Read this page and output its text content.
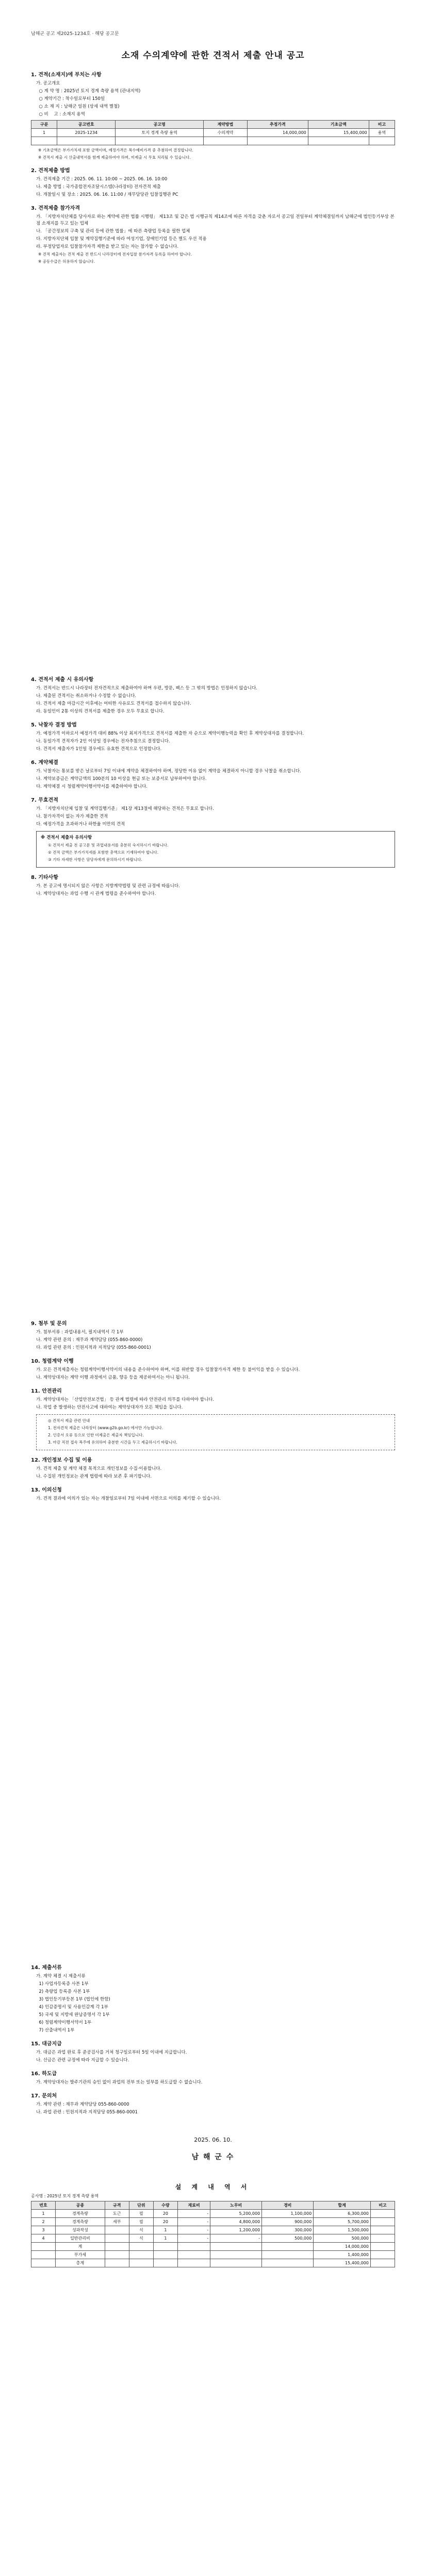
남해군 공고 제2025-1234호 · 해당 공고문
소재 수의계약에 관한 견적서 제출 안내 공고
1. 견적(소재지)에 부치는 사항
가. 공고개요
○ 계 약 명 : 2025년 토지 경계 측량 용역 (관내지역)
○ 계약기간 : 착수일로부터 150일
○ 소 재 지 : 남해군 일원 (상세 내역 별첨)
○ 비    고 : 소재지 용역
구분	공고번호	공고명	계약방법	추정가격	기초금액	비고
1	2025-1234	토지 경계 측량 용역	수의계약	14,000,000	15,400,000	용역

※ 기초금액은 부가가치세 포함 금액이며, 예정가격은 복수예비가격 중 추첨하여 결정합니다.
※ 견적서 제출 시 산출내역서를 함께 제출하여야 하며, 미제출 시 무효 처리될 수 있습니다.
2. 견적제출 방법
가. 견적제출 기간 : 2025. 06. 11. 10:00 ~ 2025. 06. 16. 10:00
나. 제출 방법 : 국가종합전자조달시스템(나라장터) 전자견적 제출
다. 개찰일시 및 장소 : 2025. 06. 16. 11:00 / 재무담당관 입찰집행관 PC
3. 견적제출 참가자격
가. 「지방자치단체를 당사자로 하는 계약에 관한 법률 시행령」 제13조 및 같은 법 시행규칙 제14조에 따른 자격을 갖춘 자로서 공고일 전일부터 계약체결일까지 남해군에 법인등기부상 본점 소재지를 두고 있는 업체
나. 「공간정보의 구축 및 관리 등에 관한 법률」에 따른 측량업 등록을 필한 업체
다. 지방자치단체 입찰 및 계약집행기준에 따라 여성기업, 장애인기업 등은 별도 우선 적용
라. 부정당업자로 입찰참가자격 제한을 받고 있는 자는 참가할 수 없습니다.
※ 견적 제출자는 견적 제출 전 반드시 나라장터에 전자입찰 참가자격 등록을 하여야 합니다.
※ 공동수급은 허용하지 않습니다.
4. 견적서 제출 시 유의사항
가. 견적서는 반드시 나라장터 전자견적으로 제출하여야 하며 우편, 방문, 팩스 등 그 밖의 방법은 인정하지 않습니다.
나. 제출된 견적서는 취소하거나 수정할 수 없습니다.
다. 견적서 제출 마감시간 이후에는 어떠한 사유로도 견적서를 접수하지 않습니다.
라. 동일인이 2통 이상의 견적서를 제출한 경우 모두 무효로 합니다.
5. 낙찰자 결정 방법
가. 예정가격 이하로서 예정가격 대비 88% 이상 최저가격으로 견적서를 제출한 자 순으로 계약이행능력을 확인 후 계약상대자를 결정합니다.
나. 동일가격 견적자가 2인 이상일 경우에는 전자추첨으로 결정합니다.
다. 견적서 제출자가 1인일 경우에도 유효한 견적으로 인정합니다.
6. 계약체결
가. 낙찰자는 통보를 받은 날로부터 7일 이내에 계약을 체결하여야 하며, 정당한 이유 없이 계약을 체결하지 아니할 경우 낙찰을 취소합니다.
나. 계약보증금은 계약금액의 100분의 10 이상을 현금 또는 보증서로 납부하여야 합니다.
다. 계약체결 시 청렴계약이행서약서를 제출하여야 합니다.
7. 무효견적
가. 「지방자치단체 입찰 및 계약집행기준」 제1장 제13절에 해당하는 견적은 무효로 합니다.
나. 참가자격이 없는 자가 제출한 견적
다. 예정가격을 초과하거나 하한율 미만의 견적
※ 견적서 제출자 유의사항
① 견적서 제출 전 공고문 및 과업내용서를 충분히 숙지하시기 바랍니다.
② 견적 금액은 부가가치세를 포함한 총액으로 기재하여야 합니다.
③ 기타 자세한 사항은 담당자에게 문의하시기 바랍니다.
8. 기타사항
가. 본 공고에 명시되지 않은 사항은 지방계약법령 및 관련 규정에 따릅니다.
나. 계약상대자는 과업 수행 시 관계 법령을 준수하여야 합니다.
9. 첨부 및 문의
가. 첨부서류 : 과업내용서, 필지내역서 각 1부
나. 계약 관련 문의 : 재무과 계약담당 (055-860-0000)
다. 과업 관련 문의 : 민원지적과 지적담당 (055-860-0001)
10. 청렴계약 이행
가. 모든 견적제출자는 청렴계약이행서약서의 내용을 준수하여야 하며, 이를 위반할 경우 입찰참가자격 제한 등 불이익을 받을 수 있습니다.
나. 계약상대자는 계약 이행 과정에서 금품, 향응 등을 제공하여서는 아니 됩니다.
11. 안전관리
가. 계약상대자는 「산업안전보건법」 등 관계 법령에 따라 안전관리 의무를 다하여야 합니다.
나. 작업 중 발생하는 안전사고에 대하여는 계약상대자가 모든 책임을 집니다.
◎ 견적서 제출 관련 안내
1. 전자견적 제출은 나라장터 (www.g2b.go.kr) 에서만 가능합니다.
2. 인증서 오류 등으로 인한 미제출은 제출자 책임입니다.
3. 마감 직전 접속 폭주에 유의하여 충분한 시간을 두고 제출하시기 바랍니다.
12. 개인정보 수집 및 이용
가. 견적 제출 및 계약 체결 목적으로 개인정보를 수집·이용합니다.
나. 수집된 개인정보는 관계 법령에 따라 보존 후 파기합니다.
13. 이의신청
가. 견적 결과에 이의가 있는 자는 개찰일로부터 7일 이내에 서면으로 이의를 제기할 수 있습니다.
14. 제출서류
가. 계약 체결 시 제출서류
1) 사업자등록증 사본 1부
2) 측량업 등록증 사본 1부
3) 법인등기부등본 1부 (법인에 한함)
4) 인감증명서 및 사용인감계 각 1부
5) 국세 및 지방세 완납증명서 각 1부
6) 청렴계약이행서약서 1부
7) 산출내역서 1부
15. 대금지급
가. 대금은 과업 완료 후 준공검사를 거쳐 청구일로부터 5일 이내에 지급합니다.
나. 선금은 관련 규정에 따라 지급할 수 있습니다.
16. 하도급
가. 계약상대자는 발주기관의 승인 없이 과업의 전부 또는 일부를 하도급할 수 없습니다.
17. 문의처
가. 계약 관련 : 재무과 계약담당 055-860-0000
나. 과업 관련 : 민원지적과 지적담당 055-860-0001
2025. 06. 10.
남 해 군 수
설 계 내 역 서
공사명 : 2025년 토지 경계 측량 용역
번호	공종	규격	단위	수량	재료비	노무비	경비	합계	비고
1	경계측량	도근	필	20	-	5,200,000	1,100,000	6,300,000	
2	경계측량	세부	필	20	-	4,800,000	900,000	5,700,000	
3	성과작성		식	1	-	1,200,000	300,000	1,500,000	
4	일반관리비		식	1	-	-	500,000	500,000	
	계							14,000,000	
	부가세							1,400,000	
	총계							15,400,000	
